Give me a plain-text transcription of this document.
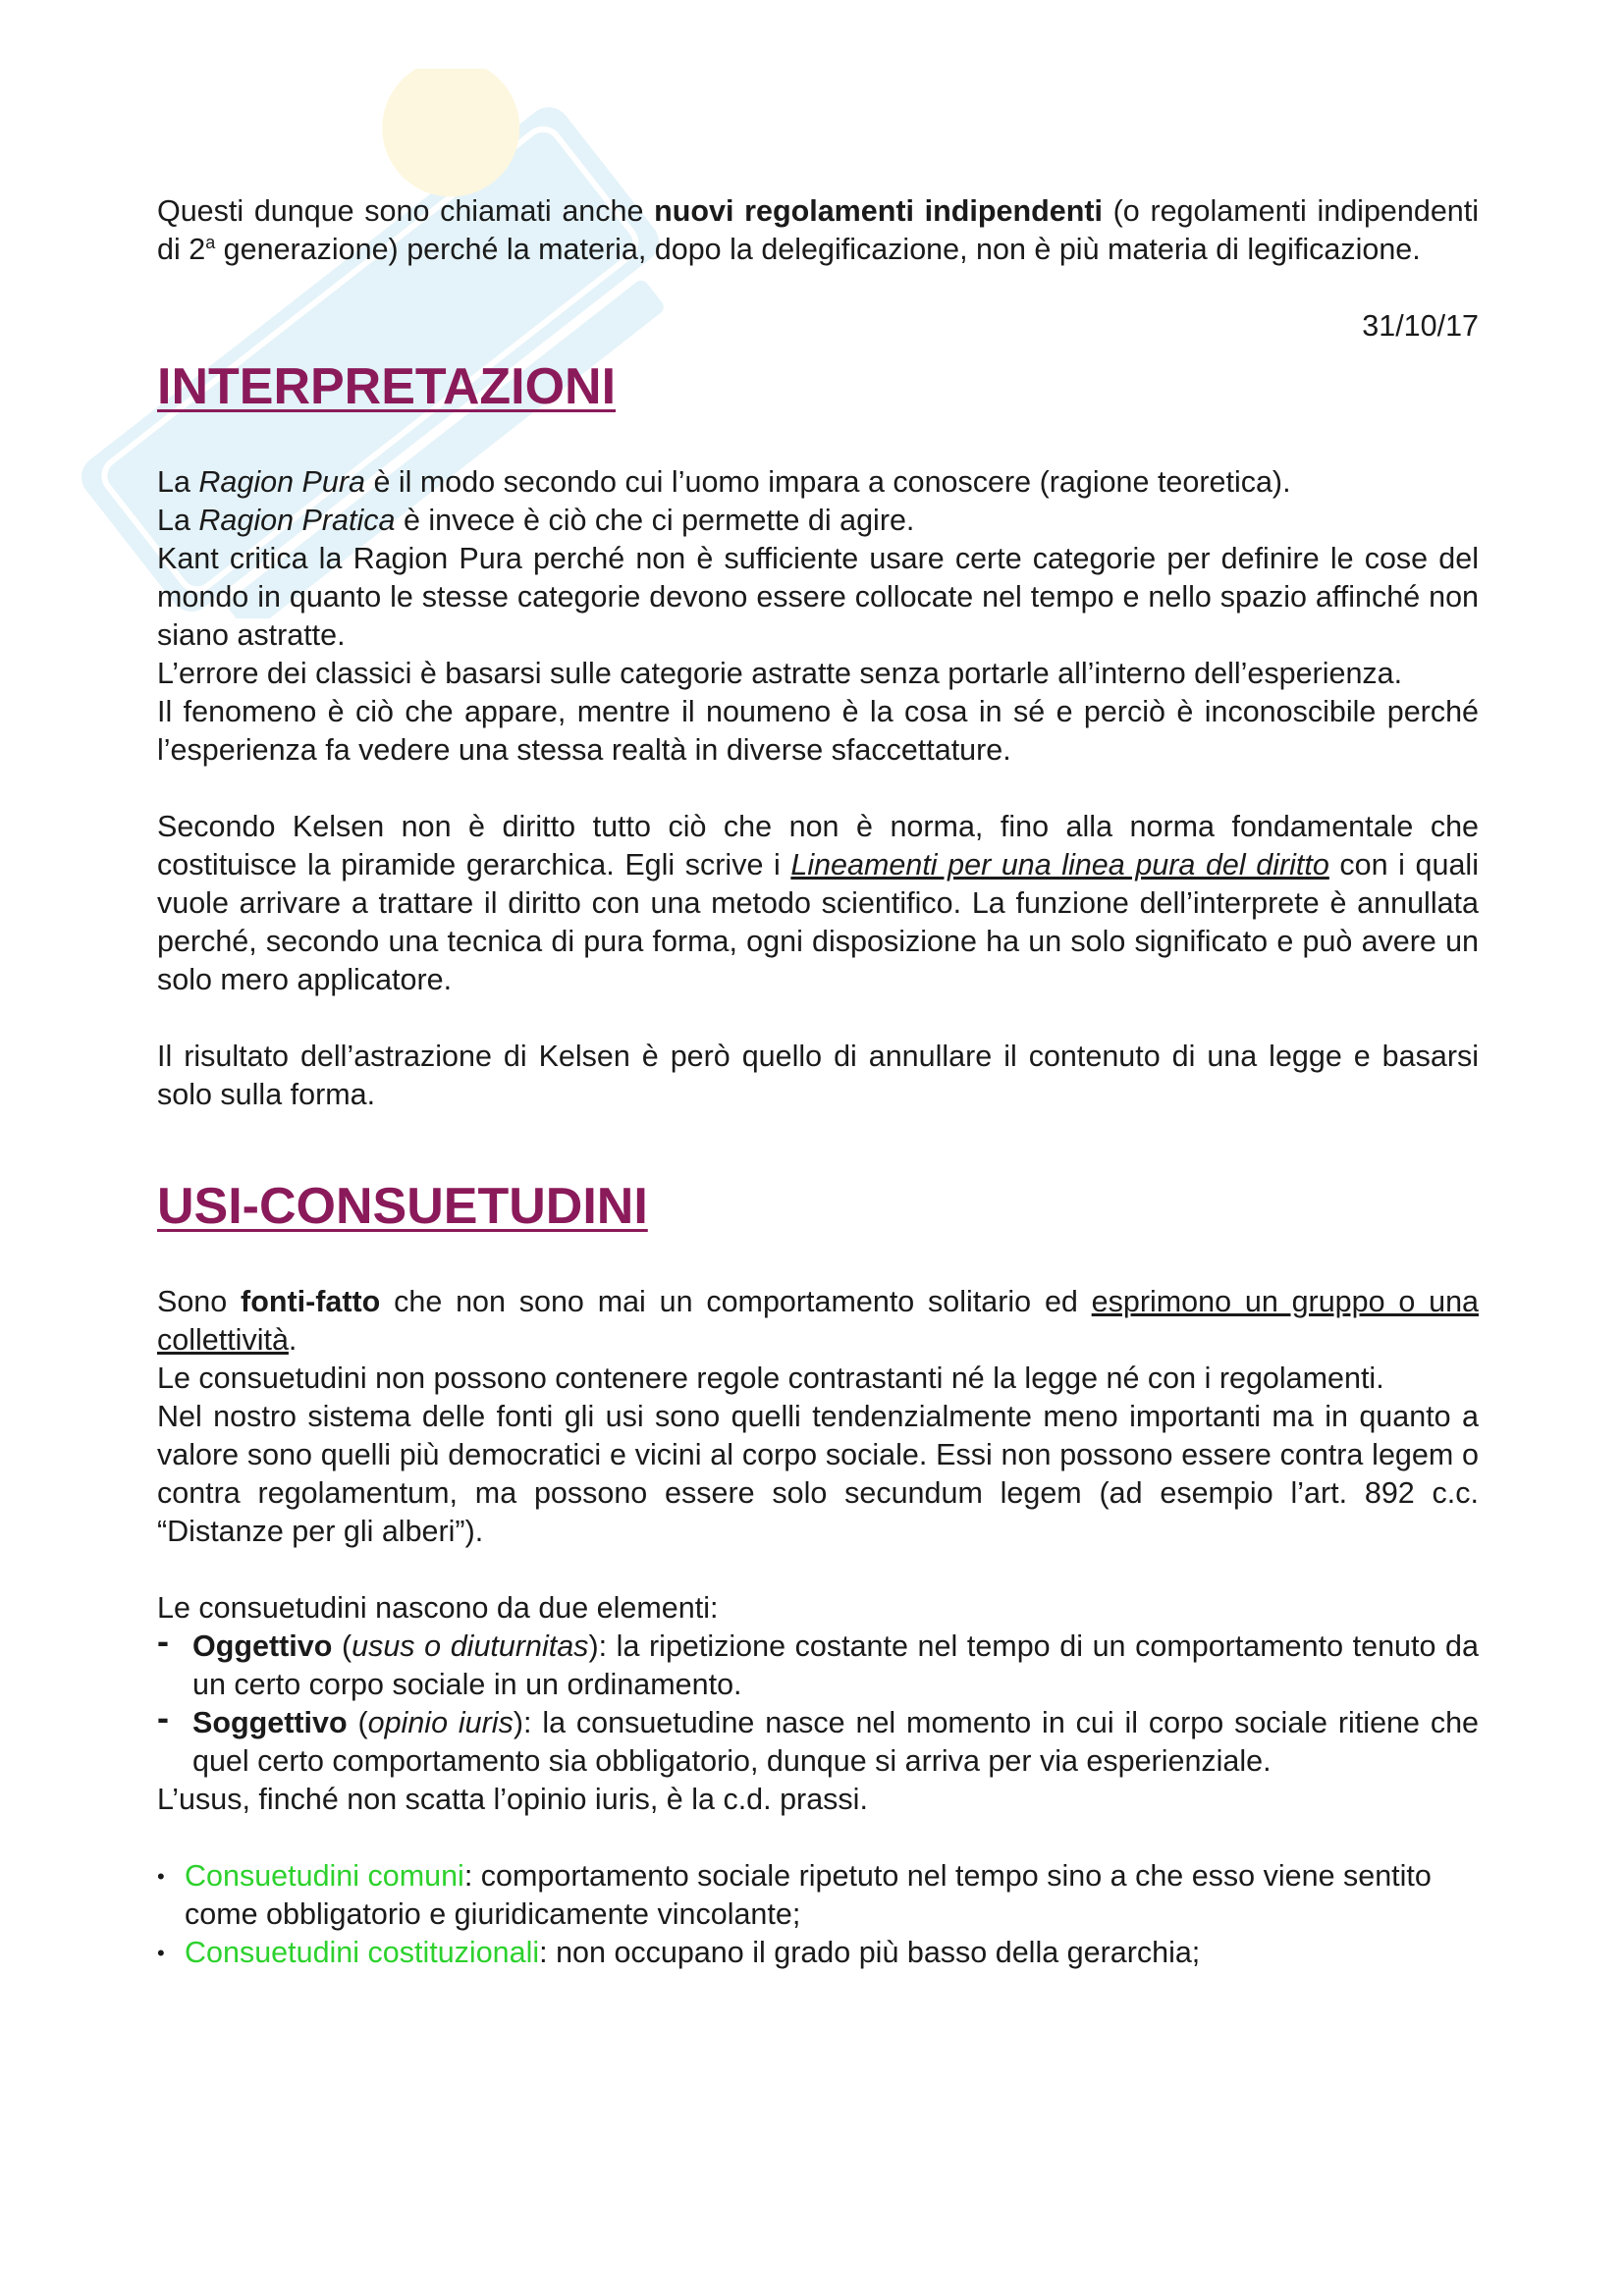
Questi dunque sono chiamati anche nuovi regolamenti indipendenti (o regolamenti indipendenti di 2$^a$ generazione) perché la materia, dopo la delegificazione, non è più materia di legificazione.

31/10/17
INTERPRETAZIONI

La Ragion Pura è il modo secondo cui l’uomo impara a conoscere (ragione teoretica).

La Ragion Pratica è invece è ciò che ci permette di agire.

Kant critica la Ragion Pura perché non è sufficiente usare certe categorie per definire le cose del mondo in quanto le stesse categorie devono essere collocate nel tempo e nello spazio affinché non siano astratte.

L’errore dei classici è basarsi sulle categorie astratte senza portarle all’interno dell’esperienza.

Il fenomeno è ciò che appare, mentre il noumeno è la cosa in sé e perciò è inconoscibile perché l’esperienza fa vedere una stessa realtà in diverse sfaccettature.

Secondo Kelsen non è diritto tutto ciò che non è norma, fino alla norma fondamentale che costituisce la piramide gerarchica. Egli scrive i Lineamenti per una linea pura del diritto con i quali vuole arrivare a trattare il diritto con una metodo scientifico. La funzione dell’interprete è annullata perché, secondo una tecnica di pura forma, ogni disposizione ha un solo significato e può avere un solo mero applicatore.

Il risultato dell’astrazione di Kelsen è però quello di annullare il contenuto di una legge e basarsi solo sulla forma.

USI-CONSUETUDINI

Sono fonti-fatto che non sono mai un comportamento solitario ed esprimono un gruppo o una collettività.

Le consuetudini non possono contenere regole contrastanti né la legge né con i regolamenti.

Nel nostro sistema delle fonti gli usi sono quelli tendenzialmente meno importanti ma in quanto a valore sono quelli più democratici e vicini al corpo sociale. Essi non possono essere contra legem o contra regolamentum, ma possono essere solo secundum legem (ad esempio l’art. 892 c.c. “Distanze per gli alberi”).

Le consuetudini nascono da due elementi:

- Oggettivo (usus o diuturnitas): la ripetizione costante nel tempo di un comportamento tenuto da un certo corpo sociale in un ordinamento.
- Soggettivo (opinio iuris): la consuetudine nasce nel momento in cui il corpo sociale ritiene che quel certo comportamento sia obbligatorio, dunque si arriva per via esperienziale.

L’usus, finché non scatta l’opinio iuris, è la c.d. prassi.

• Consuetudini comuni: comportamento sociale ripetuto nel tempo sino a che esso viene sentito come obbligatorio e giuridicamente vincolante;
• Consuetudini costituzionali: non occupano il grado più basso della gerarchia;
